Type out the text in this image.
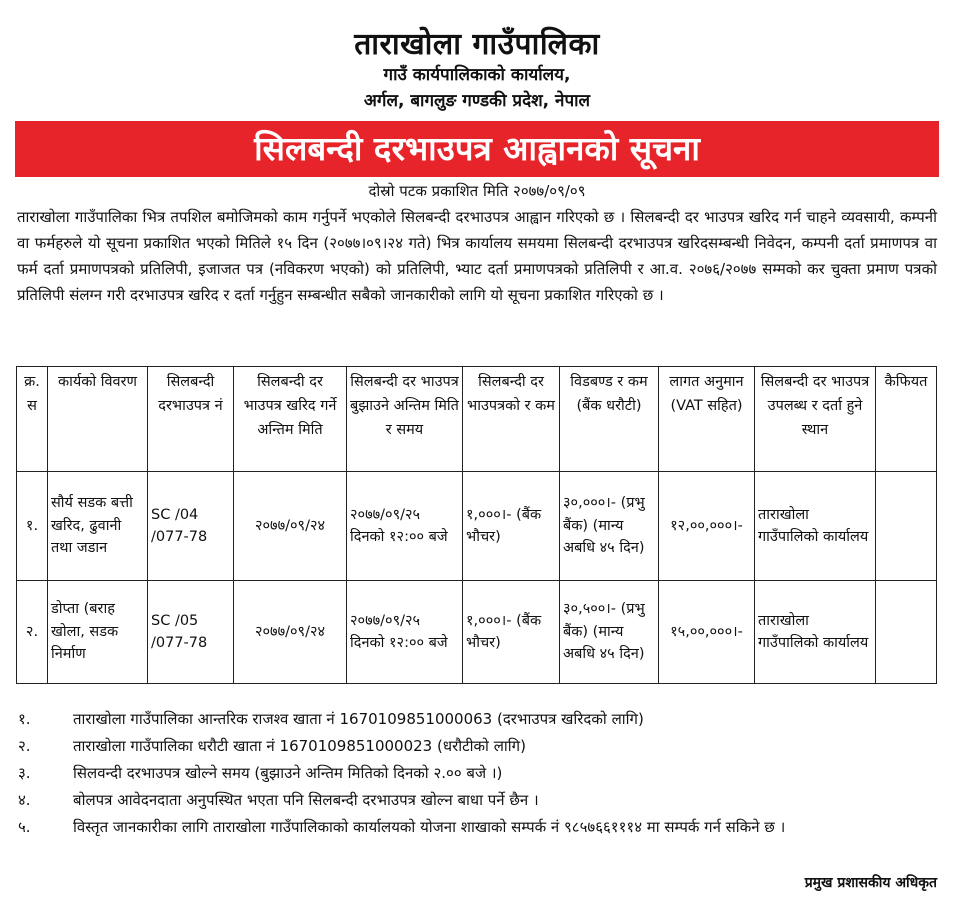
ताराखोला गाउँपालिका
गाउँ कार्यपालिकाको कार्यालय,
अर्गल, बागलुङ गण्डकी प्रदेश, नेपाल
सिलबन्दी दरभाउपत्र आह्वानको सूचना
दोस्रो पटक प्रकाशित मिति २०७७/०९/०९

ताराखोला गाउँपालिका भित्र तपशिल बमोजिमको काम गर्नुपर्ने भएकोले सिलबन्दी दरभाउपत्र आह्वान गरिएको छ । सिलबन्दी दर भाउपत्र खरिद गर्न चाहने व्यवसायी, कम्पनी वा फर्महरुले यो सूचना प्रकाशित भएको मितिले १५ दिन (२०७७।०९।२४ गते) भित्र कार्यालय समयमा सिलबन्दी दरभाउपत्र खरिदसम्बन्धी निवेदन, कम्पनी दर्ता प्रमाणपत्र वा फर्म दर्ता प्रमाणपत्रको प्रतिलिपी, इजाजत पत्र (नविकरण भएको) को प्रतिलिपी, भ्याट दर्ता प्रमाणपत्रको प्रतिलिपी र आ.व. २०७६/२०७७ सम्मको कर चुक्ता प्रमाण पत्रको प्रतिलिपी संलग्न गरी दरभाउपत्र खरिद र दर्ता गर्नुहुन सम्बन्धीत सबैको जानकारीको लागि यो सूचना प्रकाशित गरिएको छ ।

क्र. स	कार्यको विवरण	सिलबन्दी दरभाउपत्र नं	सिलबन्दी दर भाउपत्र खरिद गर्ने अन्तिम मिति	सिलबन्दी दर भाउपत्र बुझाउने अन्तिम मिति र समय	सिलबन्दी दर भाउपत्रको र कम	विडबण्ड र कम (बैंक धरौटी)	लागत अनुमान (VAT सहित)	सिलबन्दी दर भाउपत्र उपलब्ध र दर्ता हुने स्थान	कैफियत
१.	सौर्य सडक बत्ती खरिद, ढुवानी तथा जडान	SC /04 /077-78	२०७७/०९/२४	२०७७/०९/२५ दिनको १२:०० बजे	१,०००।- (बैंक भौचर)	३०,०००।- (प्रभु बैंक) (मान्य अबधि ४५ दिन)	१२,००,०००।-	ताराखोला गाउँपालिको कार्यालय	
२.	डोप्ता (बराह खोला, सडक निर्माण	SC /05 /077-78	२०७७/०९/२४	२०७७/०९/२५ दिनको १२:०० बजे	१,०००।- (बैंक भौचर)	३०,५००।- (प्रभु बैंक) (मान्य अबधि ४५ दिन)	१५,००,०००।-	ताराखोला गाउँपालिको कार्यालय	
१.	ताराखोला गाउँपालिका आन्तरिक राजश्व खाता नं 1670109851000063 (दरभाउपत्र खरिदको लागि)
२.	ताराखोला गाउँपालिका धरौटी खाता नं 1670109851000023 (धरौटीको लागि)
३.	सिलवन्दी दरभाउपत्र खोल्ने समय (बुझाउने अन्तिम मितिको दिनको २.०० बजे ।)
४.	बोलपत्र आवेदनदाता अनुपस्थित भएता पनि सिलबन्दी दरभाउपत्र खोल्न बाधा पर्ने छैन ।
५.	विस्तृत जानकारीका लागि ताराखोला गाउँपालिकाको कार्यालयको योजना शाखाको सम्पर्क नं ९८५७६६१११४ मा सम्पर्क गर्न सकिने छ ।
प्रमुख प्रशासकीय अधिकृत
